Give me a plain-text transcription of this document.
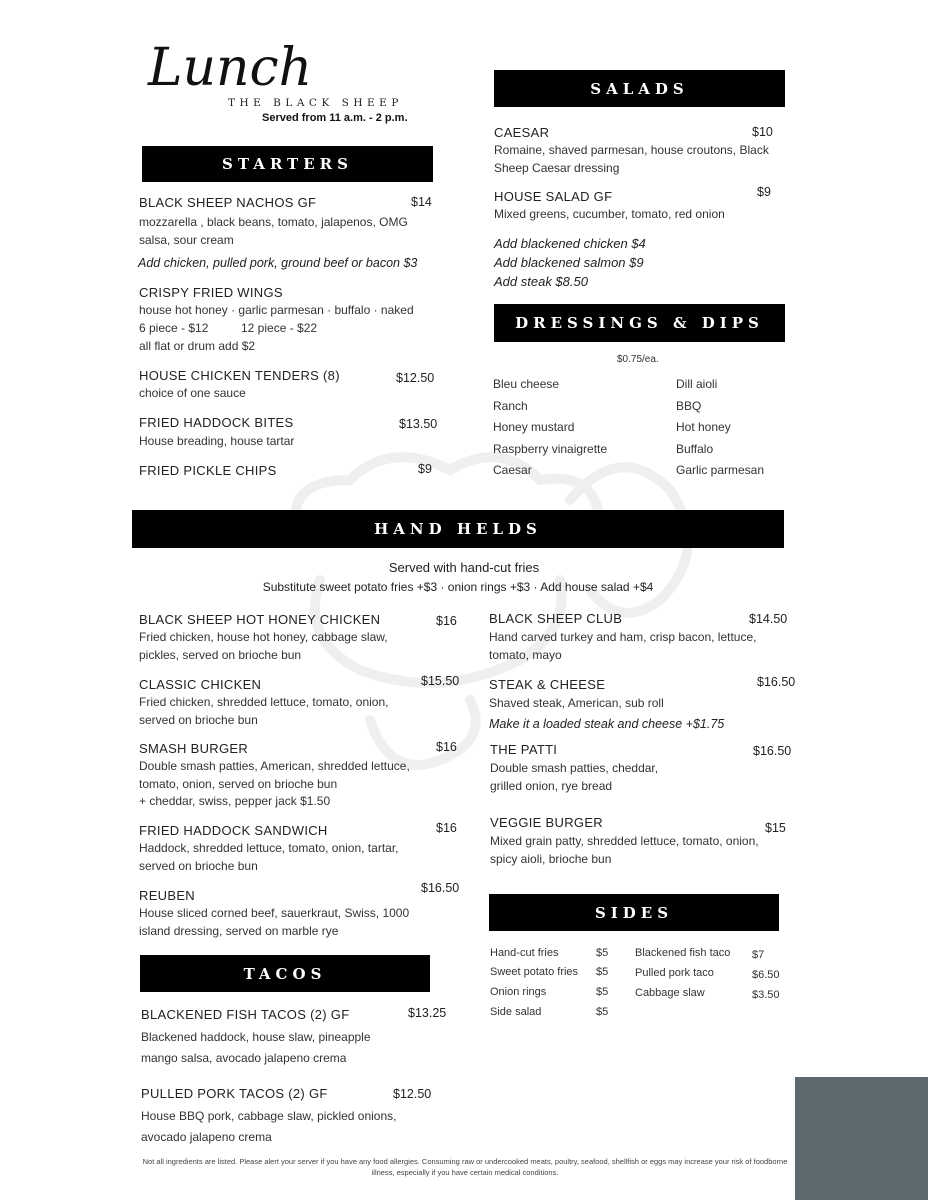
Lunch
THE BLACK SHEEP
Served from 11 a.m. - 2 p.m.
STARTERS
BLACK SHEEP NACHOS GF	$14
mozzarella , black beans, tomato, jalapenos, OMG salsa, sour cream
Add chicken, pulled pork, ground beef or bacon $3
CRISPY FRIED WINGS
house hot honey · garlic parmesan · buffalo · naked
6 piece - $12	12 piece - $22
all flat or drum add $2
HOUSE CHICKEN TENDERS (8)	$12.50
choice of one sauce
FRIED HADDOCK BITES	$13.50
House breading, house tartar
FRIED PICKLE CHIPS	$9
SALADS
CAESAR	$10
Romaine, shaved parmesan, house croutons, Black Sheep Caesar dressing
HOUSE SALAD GF	$9
Mixed greens, cucumber, tomato, red onion
Add blackened chicken $4
Add blackened salmon $9
Add steak $8.50
DRESSINGS & DIPS
$0.75/ea.
Bleu cheese
Ranch
Honey mustard
Raspberry vinaigrette
Caesar
Dill aioli
BBQ
Hot honey
Buffalo
Garlic parmesan
HAND HELDS
Served with hand-cut fries
Substitute sweet potato fries +$3 · onion rings +$3 · Add house salad +$4
BLACK SHEEP HOT HONEY CHICKEN	$16
Fried chicken, house hot honey, cabbage slaw, pickles, served on brioche bun
CLASSIC CHICKEN	$15.50
Fried chicken, shredded lettuce, tomato, onion, served on brioche bun
SMASH BURGER	$16
Double smash patties, American, shredded lettuce, tomato, onion, served on brioche bun
+ cheddar, swiss, pepper jack $1.50
FRIED HADDOCK SANDWICH	$16
Haddock, shredded lettuce, tomato, onion, tartar, served on brioche bun
REUBEN	$16.50
House sliced corned beef, sauerkraut, Swiss, 1000 island dressing, served on marble rye
BLACK SHEEP CLUB	$14.50
Hand carved turkey and ham, crisp bacon, lettuce, tomato, mayo
STEAK & CHEESE	$16.50
Shaved steak, American, sub roll
Make it a loaded steak and cheese +$1.75
THE PATTI	$16.50
Double smash patties, cheddar,
grilled onion, rye bread
VEGGIE BURGER	$15
Mixed grain patty, shredded lettuce, tomato, onion, spicy aioli, brioche bun
TACOS
BLACKENED FISH TACOS (2) GF	$13.25
Blackened haddock, house slaw, pineapple
mango salsa, avocado jalapeno crema
PULLED PORK TACOS (2) GF	$12.50
House BBQ pork, cabbage slaw, pickled onions,
avocado jalapeno crema
SIDES
Hand-cut fries	$5
Sweet potato fries $5
Onion rings	$5
Side salad	$5
Blackened fish taco $7
Pulled pork taco	$6.50
Cabbage slaw	$3.50
Not all ingredients are listed. Please alert your server if you have any food allergies. Consuming raw or undercooked meats, poultry, seafood, shellfish or eggs may increase your risk of foodborne illness, especially if you have certain medical conditions.
